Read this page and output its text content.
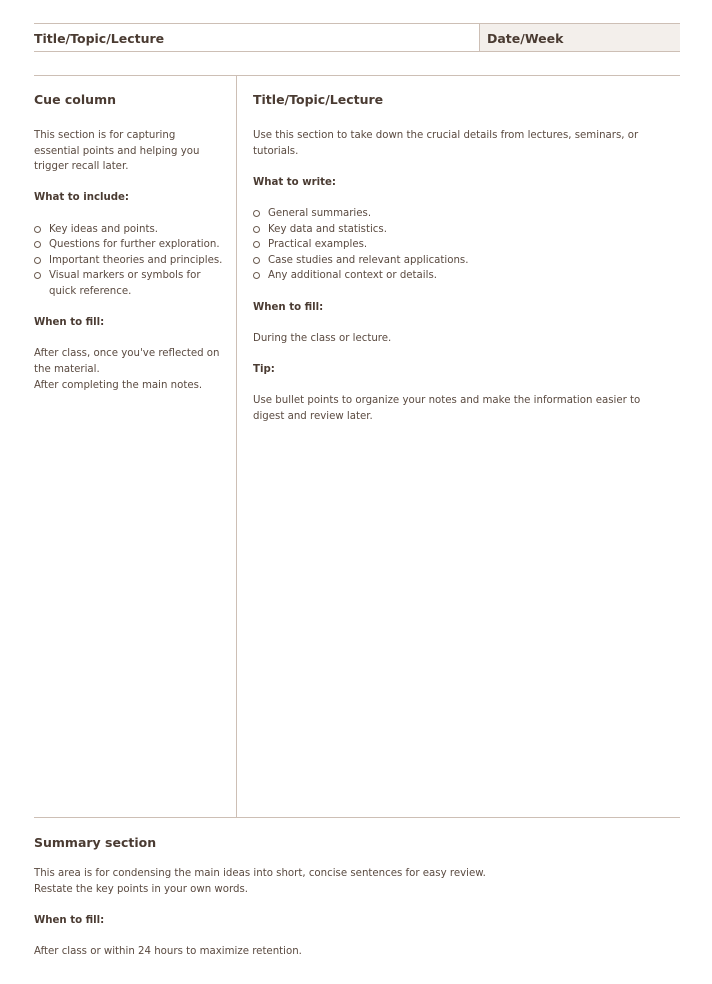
Title/Topic/Lecture	Date/Week
Cue column

This section is for capturing essential points and helping you trigger recall later.

What to include:

Key ideas and points.
Questions for further exploration.
Important theories and principles.
Visual markers or symbols for quick reference.

When to fill:

After class, once you've reflected on the material.

After completing the main notes.

Title/Topic/Lecture

Use this section to take down the crucial details from lectures, seminars, or tutorials.

What to write:

General summaries.
Key data and statistics.
Practical examples.
Case studies and relevant applications.
Any additional context or details.

When to fill:

During the class or lecture.

Tip:

Use bullet points to organize your notes and make the information easier to digest and review later.

Summary section

This area is for condensing the main ideas into short, concise sentences for easy review.

Restate the key points in your own words.

When to fill:

After class or within 24 hours to maximize retention.
